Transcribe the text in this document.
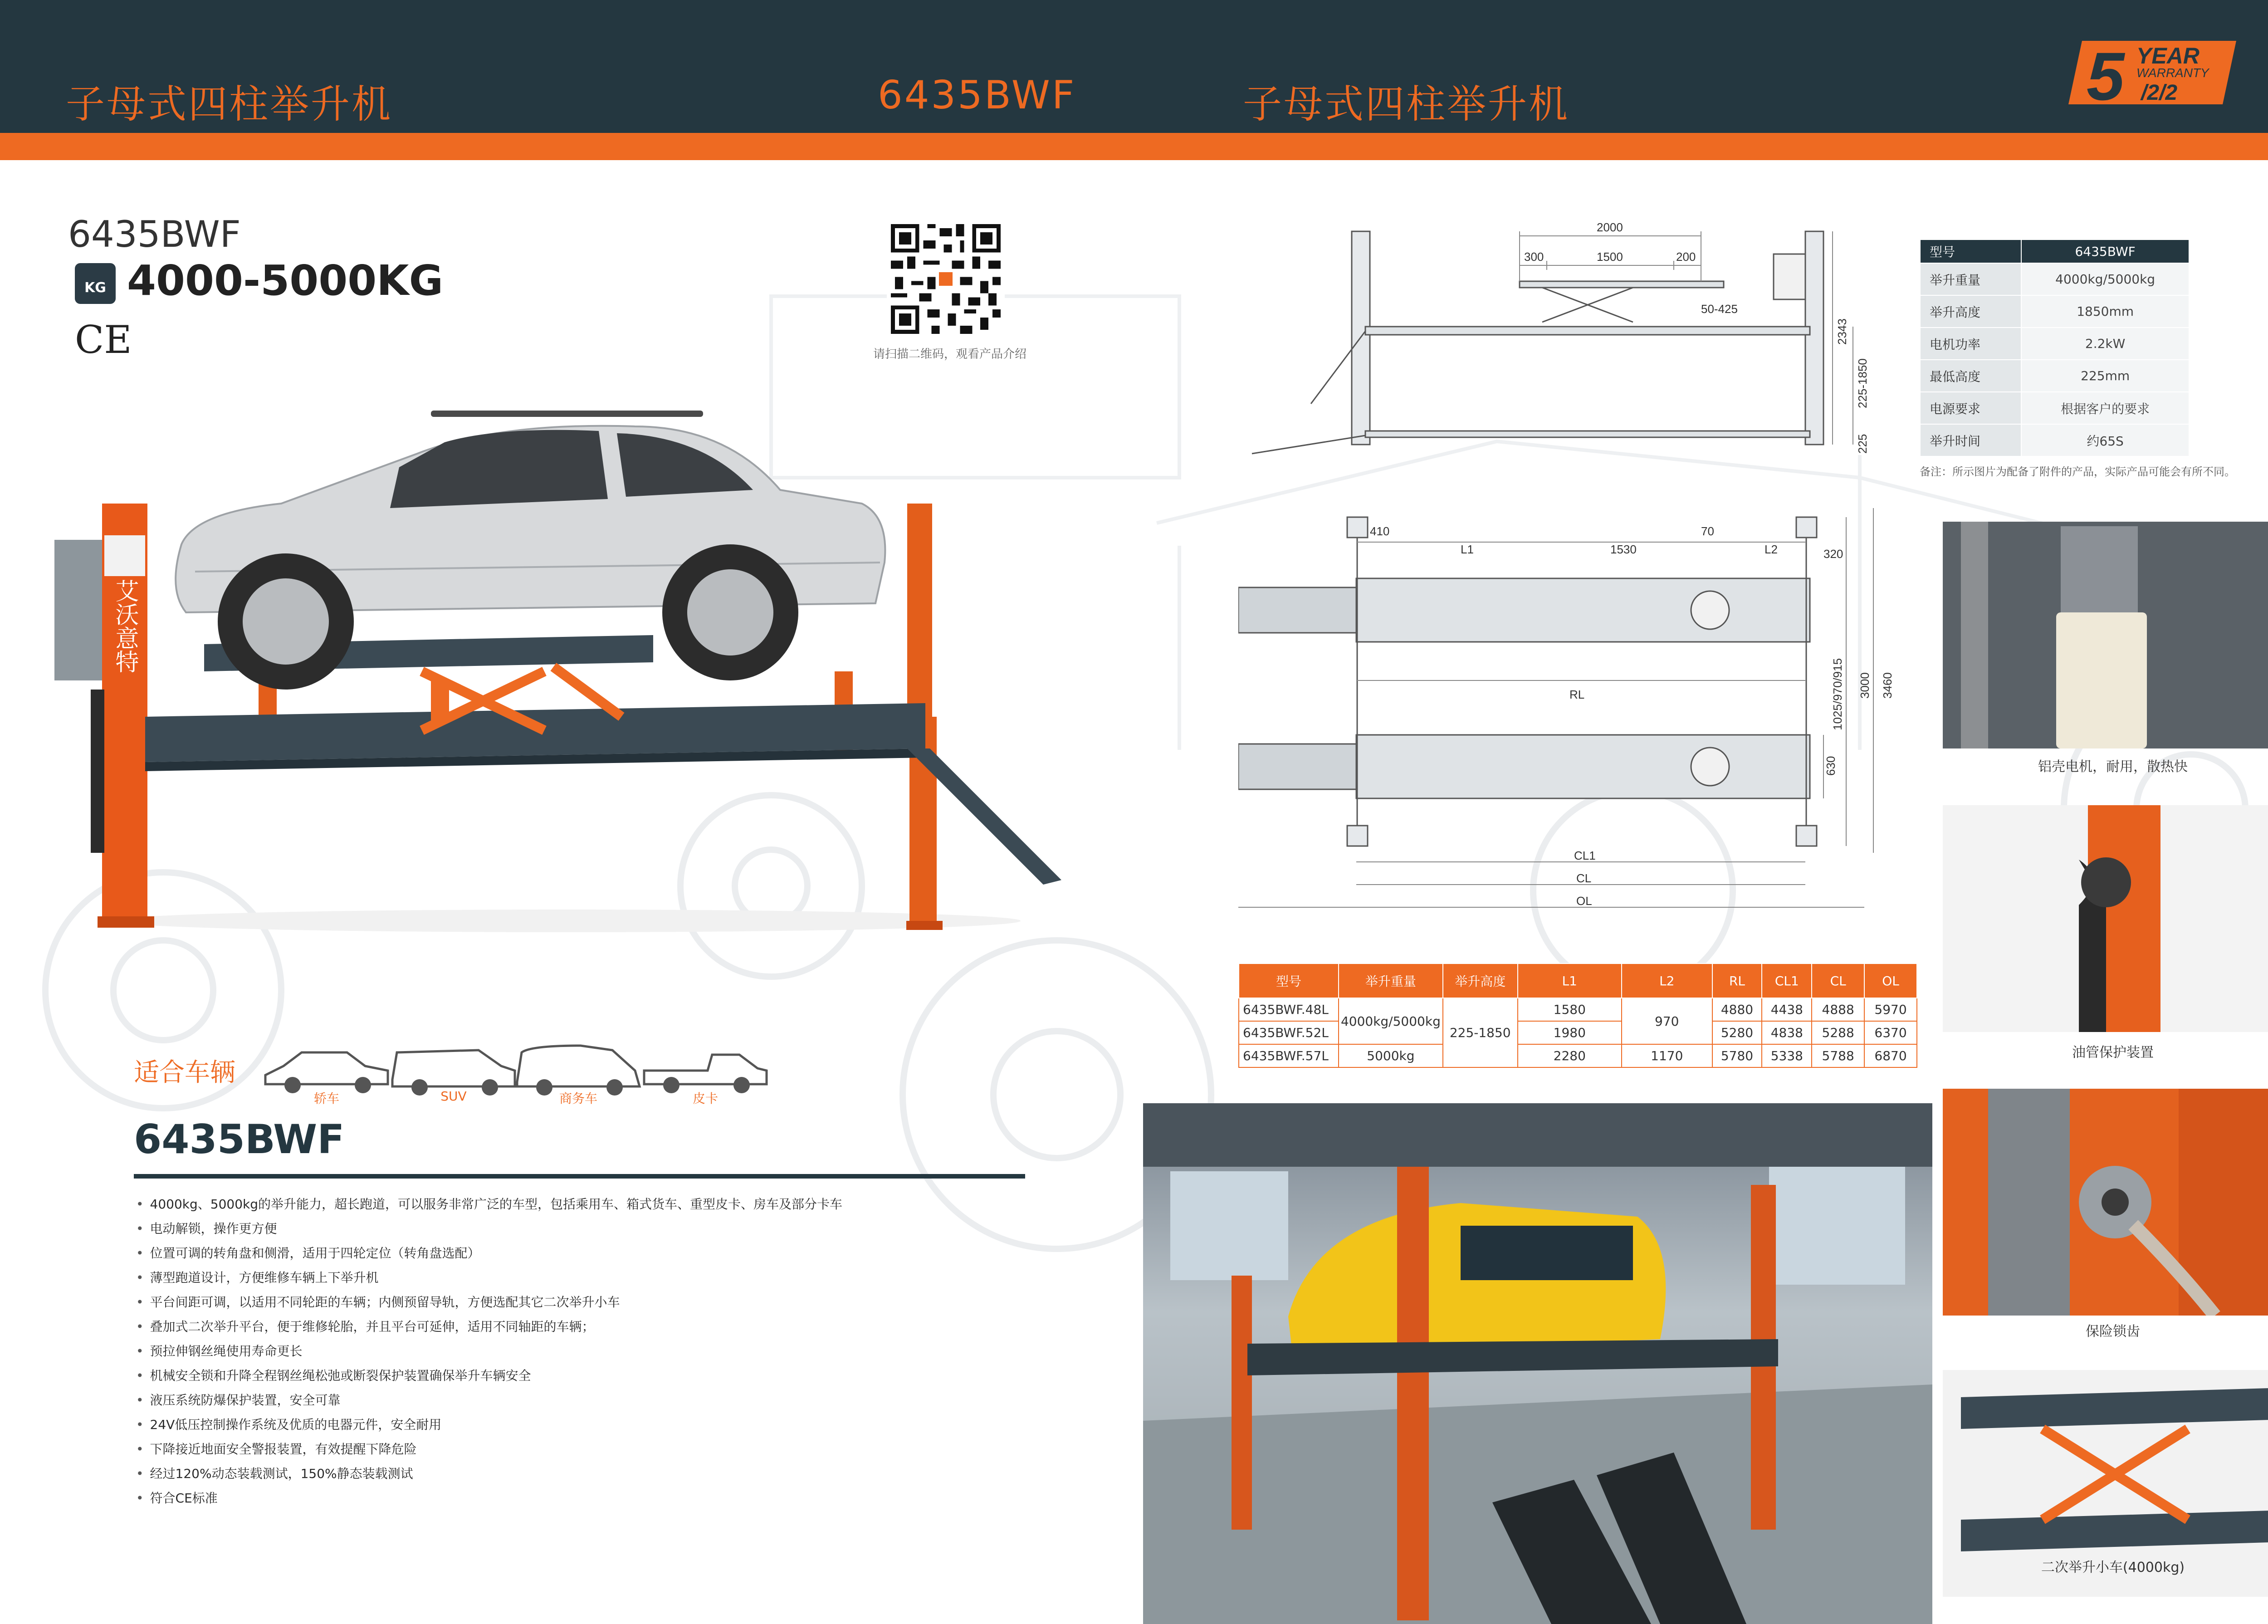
子母式四柱举升机	6435BWF	子母式四柱举升机	5 YEAR
WARRANTY
/2/2
6435BWF
KG 4000-5000KG
CE	请扫描二维码，观看产品介绍
艾沃意特
适合车辆
轿车	SUV	商务车	皮卡
6435BWF
• 4000kg、5000kg的举升能力，超长跑道，可以服务非常广泛的车型，包括乘用车、箱式货车、重型皮卡、房车及部分卡车
• 电动解锁，操作更方便
• 位置可调的转角盘和侧滑，适用于四轮定位（转角盘选配）
• 薄型跑道设计，方便维修车辆上下举升机
• 平台间距可调，以适用不同轮距的车辆；内侧预留导轨，方便选配其它二次举升小车
• 叠加式二次举升平台，便于维修轮胎，并且平台可延伸，适用不同轴距的车辆；
• 预拉伸钢丝绳使用寿命更长
• 机械安全锁和升降全程钢丝绳松弛或断裂保护装置确保举升车辆安全
• 液压系统防爆保护装置，安全可靠
• 24V低压控制操作系统及优质的电器元件，安全耐用
• 下降接近地面安全警报装置，有效提醒下降危险
• 经过120%动态装载测试，150%静态装载测试
• 符合CE标准
2000
300	1500	200
50-425
2343
225-1850
225
410
L1	1530
70
L2	320
RL	1025/970/915 3000 3460
630
CL1
CL
OL
型号	6435BWF
举升重量	4000kg/5000kg
举升高度	1850mm
电机功率	2.2kW
最低高度	225mm
电源要求	根据客户的要求
举升时间	约65S
备注：所示图片为配备了附件的产品，实际产品可能会有所不同。
型号	举升重量	举升高度	L1	L2	RL	CL1	CL	OL
6435BWF.48L	4000kg/5000kg	225-1850	1580	970	4880	4438	4888	5970
6435BWF.52L			1980		5280	4838	5288	6370
6435BWF.57L	5000kg		2280	1170	5780	5338	5788	6870
铝壳电机，耐用，散热快
油管保护装置
保险锁齿
二次举升小车(4000kg)
